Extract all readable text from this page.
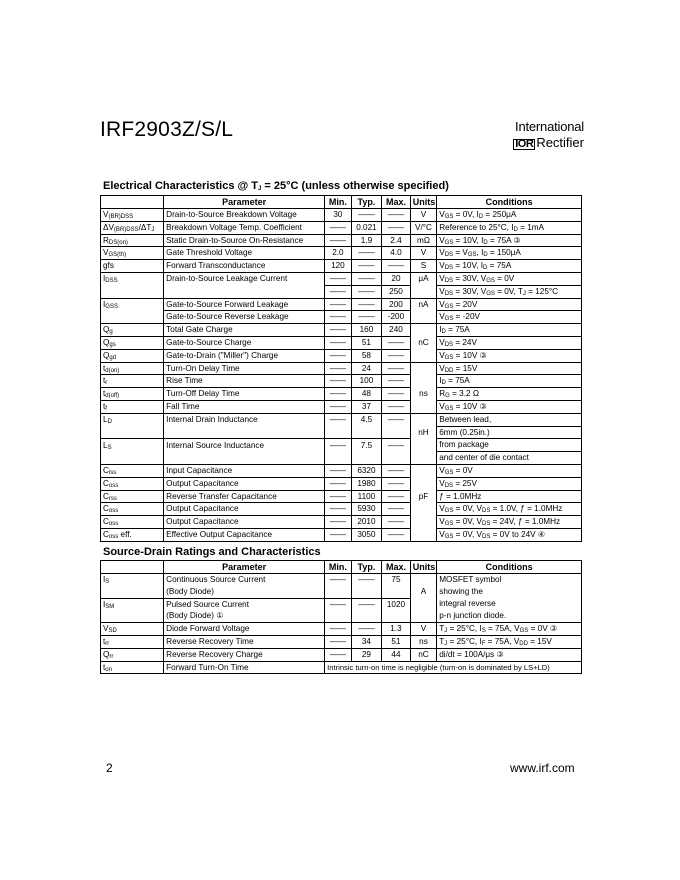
IRF2903Z/S/L	International
IOR Rectifier
Electrical Characteristics @ $T_J = 25^\circ C$ (unless otherwise specified)
	Parameter	Min.	Typ.	Max.	Units	Conditions
$V_{(BR)DSS}$	Drain-to-Source Breakdown Voltage	30	——	——	V	$V_{GS} = 0V$, $I_D = 250\mu A$
$\Delta V_{(BR)DSS}/\Delta T_J$	Breakdown Voltage Temp. Coefficient	——	0.021	——	V/°C	Reference to 25°C, $I_D = 1mA$
$R_{DS(on)}$	Static Drain-to-Source On-Resistance	——	1.9	2.4	mΩ	$V_{GS} = 10V$, $I_D = 75A$ ③
$V_{GS(th)}$	Gate Threshold Voltage	2.0	——	4.0	V	$V_{DS} = V_{GS}$, $I_D = 150\mu A$
gfs	Forward Transconductance	120	——	——	S	$V_{DS} = 10V$, $I_D = 75A$
$I_{DSS}$	Drain-to-Source Leakage Current	——	——	20	μA	$V_{DS} = 30V$, $V_{GS} = 0V$
		——	——	250		$V_{DS} = 30V$, $V_{GS} = 0V$, $T_J = 125^\circ C$
$I_{GSS}$	Gate-to-Source Forward Leakage	——	——	200	nA	$V_{GS} = 20V$
	Gate-to-Source Reverse Leakage	——	——	-200		$V_{GS} = -20V$
$Q_g$	Total Gate Charge	——	160	240		$I_D = 75A$
$Q_{gs}$	Gate-to-Source Charge	——	51	——	nC	$V_{DS} = 24V$
$Q_{gd}$	Gate-to-Drain ("Miller") Charge	——	58	——		$V_{GS} = 10V$ ③
$t_{d(on)}$	Turn-On Delay Time	——	24	——		$V_{DD} = 15V$
$t_r$	Rise Time	——	100	——		$I_D = 75A$
$t_{d(off)}$	Turn-Off Delay Time	——	48	——	ns	$R_G = 3.2$ Ω
$t_f$	Fall Time	——	37	——		$V_{GS} = 10V$ ③
$L_D$	Internal Drain Inductance	——	4.5	——		Between lead,
					nH	6mm (0.25in.)
$L_S$	Internal Source Inductance	——	7.5	——		from package
						and center of die contact
$C_{iss}$	Input Capacitance	——	6320	——		$V_{GS} = 0V$
$C_{oss}$	Output Capacitance	——	1980	——		$V_{DS} = 25V$
$C_{rss}$	Reverse Transfer Capacitance	——	1100	——	pF	ƒ = 1.0MHz
$C_{oss}$	Output Capacitance	——	5930	——		$V_{GS} = 0V$, $V_{DS} = 1.0V$, ƒ = 1.0MHz
$C_{oss}$	Output Capacitance	——	2010	——		$V_{GS} = 0V$, $V_{DS} = 24V$, ƒ = 1.0MHz
$C_{oss}$ eff.	Effective Output Capacitance	——	3050	——		$V_{GS} = 0V$, $V_{DS} = 0V$ to 24V ④
Source-Drain Ratings and Characteristics
	Parameter	Min.	Typ.	Max.	Units	Conditions
$I_S$	Continuous Source Current	——	——	75		MOSFET symbol
	(Body Diode)				A	showing the
$I_{SM}$	Pulsed Source Current	——	——	1020		integral reverse
	(Body Diode) ①					p-n junction diode.
$V_{SD}$	Diode Forward Voltage	——	——	1.3	V	$T_J = 25^\circ C$, $I_S = 75A$, $V_{GS} = 0V$ ③
$t_{rr}$	Reverse Recovery Time	——	34	51	ns	$T_J = 25^\circ C$, $I_F = 75A$, $V_{DD} = 15V$
$Q_{rr}$	Reverse Recovery Charge	——	29	44	nC	di/dt = 100A/μs ③
$t_{on}$	Forward Turn-On Time	Intrinsic turn-on time is negligible (turn-on is dominated by LS+LD)				
2	www.irf.com
